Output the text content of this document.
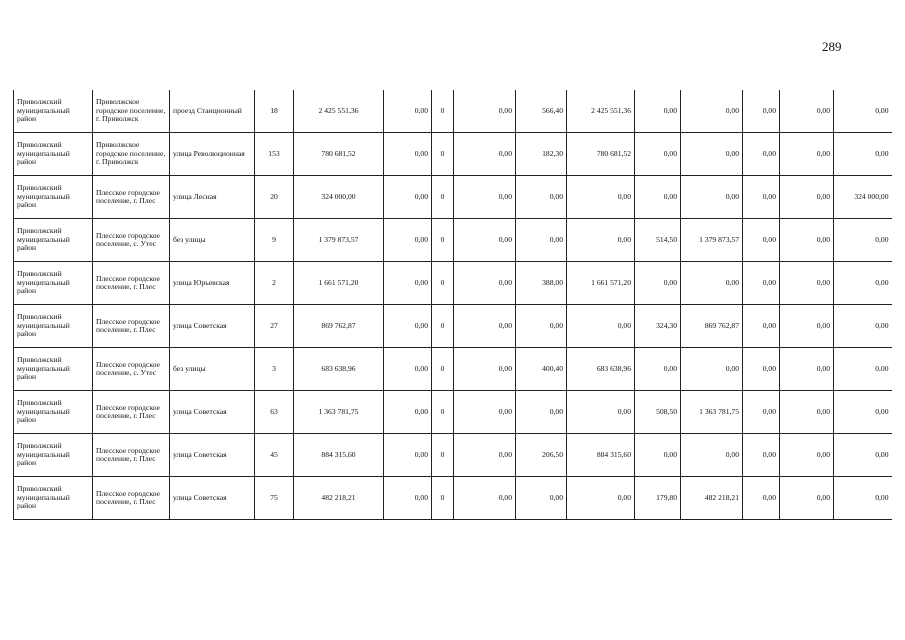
289
Приволжский муниципальный район	Приволжское городское поселение, г. Приволжск	проезд Станционный	18	2 425 551,36	0,00	0	0,00	566,40	2 425 551,36	0,00	0,00	0,00	0,00	0,00
Приволжский муниципальный район	Приволжское городское поселение, г. Приволжск	улица Революционная	153	780 681,52	0,00	0	0,00	182,30	780 681,52	0,00	0,00	0,00	0,00	0,00
Приволжский муниципальный район	Плесское городское поселение, г. Плес	улица Лесная	20	324 000,00	0,00	0	0,00	0,00	0,00	0,00	0,00	0,00	0,00	324 000,00
Приволжский муниципальный район	Плесское городское поселение, с. Утес	без улицы	9	1 379 873,57	0,00	0	0,00	0,00	0,00	514,50	1 379 873,57	0,00	0,00	0,00
Приволжский муниципальный район	Плесское городское поселение, г. Плес	улица Юрьевская	2	1 661 571,20	0,00	0	0,00	388,00	1 661 571,20	0,00	0,00	0,00	0,00	0,00
Приволжский муниципальный район	Плесское городское поселение, г. Плес	улица Советская	27	869 762,87	0,00	0	0,00	0,00	0,00	324,30	869 762,87	0,00	0,00	0,00
Приволжский муниципальный район	Плесское городское поселение, с. Утес	без улицы	3	683 638,96	0,00	0	0,00	400,40	683 638,96	0,00	0,00	0,00	0,00	0,00
Приволжский муниципальный район	Плесское городское поселение, г. Плес	улица Советская	63	1 363 781,75	0,00	0	0,00	0,00	0,00	508,50	1 363 781,75	0,00	0,00	0,00
Приволжский муниципальный район	Плесское городское поселение, г. Плес	улица Советская	45	884 315,60	0,00	0	0,00	206,50	884 315,60	0,00	0,00	0,00	0,00	0,00
Приволжский муниципальный район	Плесское городское поселение, г. Плес	улица Советская	75	482 218,21	0,00	0	0,00	0,00	0,00	179,80	482 218,21	0,00	0,00	0,00
